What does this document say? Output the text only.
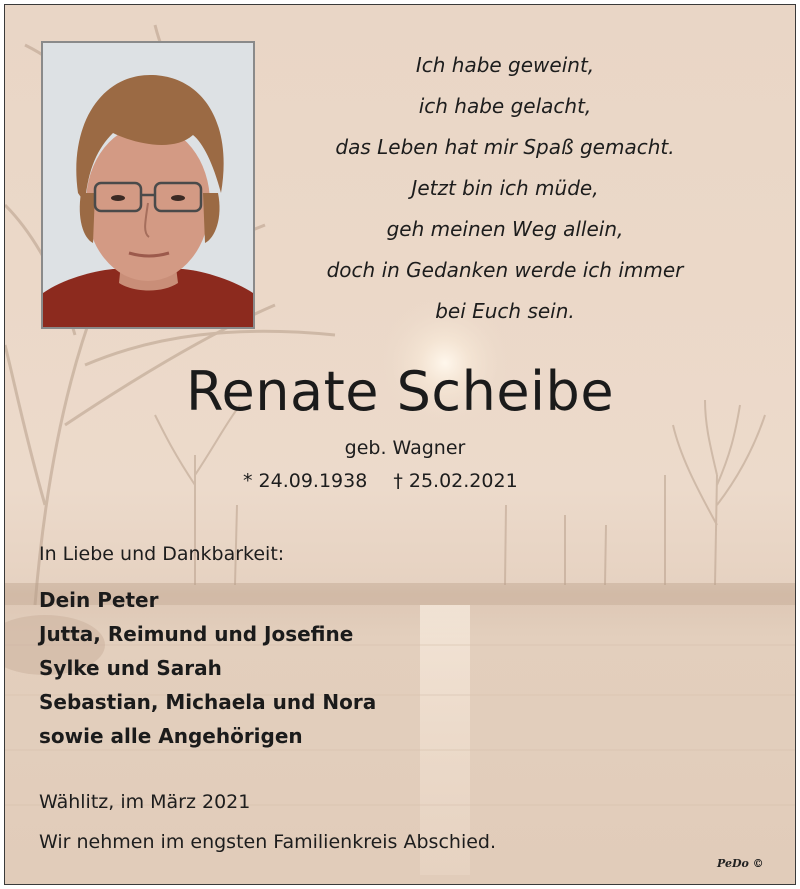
Ich habe geweint,
ich habe gelacht,
das Leben hat mir Spaß gemacht.
Jetzt bin ich müde,
geh meinen Weg allein,
doch in Gedanken werde ich immer
bei Euch sein.
Renate Scheibe
geb. Wagner
* 24.09.1938 † 25.02.2021
In Liebe und Dankbarkeit:
Dein Peter
Jutta, Reimund und Josefine
Sylke und Sarah
Sebastian, Michaela und Nora
sowie alle Angehörigen
Wählitz, im März 2021
Wir nehmen im engsten Familienkreis Abschied.
PeDo ©
